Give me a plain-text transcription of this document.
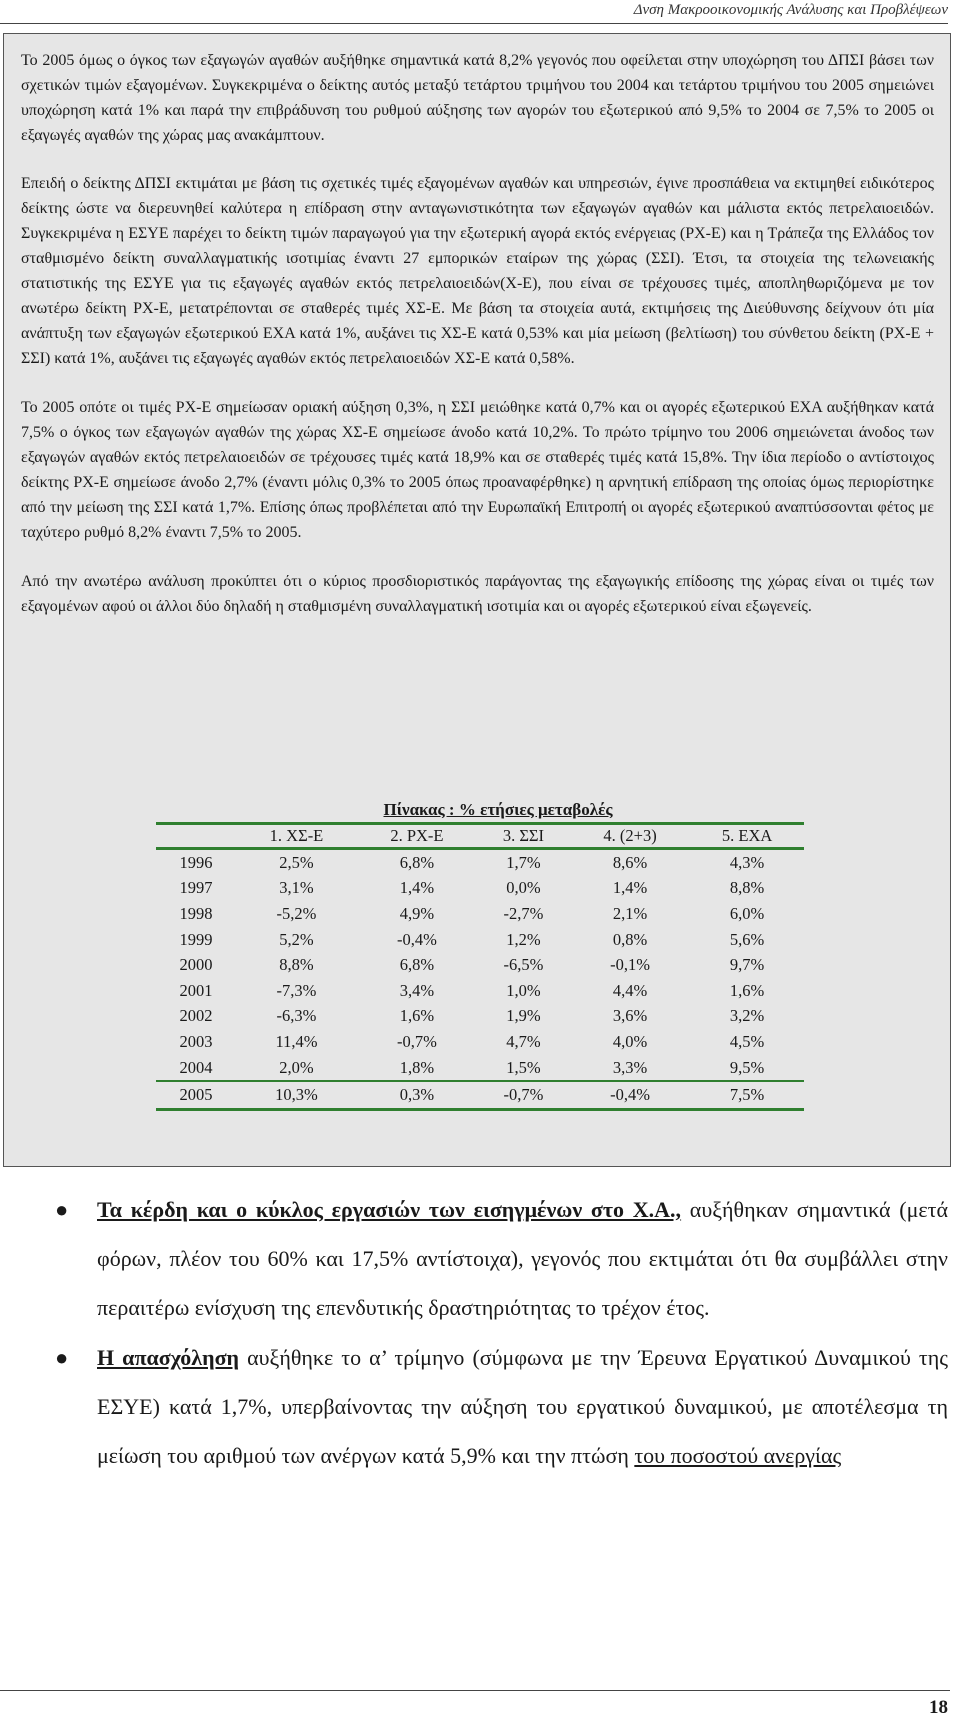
Δνση Μακροοικονομικής Ανάλυσης και Προβλέψεων

Το 2005 όμως ο όγκος των εξαγωγών αγαθών αυξήθηκε σημαντικά κατά 8,2% γεγονός που οφείλεται στην υποχώρηση του ΔΠΣΙ βάσει των σχετικών τιμών εξαγομένων. Συγκεκριμένα ο δείκτης αυτός μεταξύ τετάρτου τριμήνου του 2004 και τετάρτου τριμήνου του 2005 σημειώνει υποχώρηση κατά 1% και παρά την επιβράδυνση του ρυθμού αύξησης των αγορών του εξωτερικού από 9,5% το 2004 σε 7,5% το 2005 οι εξαγωγές αγαθών της χώρας μας ανακάμπτουν.

Επειδή ο δείκτης ΔΠΣΙ εκτιμάται με βάση τις σχετικές τιμές εξαγομένων αγαθών και υπηρεσιών, έγινε προσπάθεια να εκτιμηθεί ειδικότερος δείκτης ώστε να διερευνηθεί καλύτερα η επίδραση στην ανταγωνιστικότητα των εξαγωγών αγαθών και μάλιστα εκτός πετρελαιοειδών. Συγκεκριμένα η ΕΣΥΕ παρέχει το δείκτη τιμών παραγωγού για την εξωτερική αγορά εκτός ενέργειας (ΡΧ-Ε) και η Τράπεζα της Ελλάδος τον σταθμισμένο δείκτη συναλλαγματικής ισοτιμίας έναντι 27 εμπορικών εταίρων της χώρας (ΣΣΙ). Έτσι, τα στοιχεία της τελωνειακής στατιστικής της ΕΣΥΕ για τις εξαγωγές αγαθών εκτός πετρελαιοειδών(Χ-Ε), που είναι σε τρέχουσες τιμές, αποπληθωριζόμενα με τον ανωτέρω δείκτη ΡΧ-Ε, μετατρέπονται σε σταθερές τιμές ΧΣ-Ε. Με βάση τα στοιχεία αυτά, εκτιμήσεις της Διεύθυνσης δείχνουν ότι μία ανάπτυξη των εξαγωγών εξωτερικού ΕΧΑ κατά 1%, αυξάνει τις ΧΣ-Ε κατά 0,53% και μία μείωση (βελτίωση) του σύνθετου δείκτη (ΡΧ-Ε + ΣΣΙ) κατά 1%, αυξάνει τις εξαγωγές αγαθών εκτός πετρελαιοειδών ΧΣ-Ε κατά 0,58%.

Το 2005 οπότε οι τιμές ΡΧ-Ε σημείωσαν οριακή αύξηση 0,3%, η ΣΣΙ μειώθηκε κατά 0,7% και οι αγορές εξωτερικού ΕΧΑ αυξήθηκαν κατά 7,5% ο όγκος των εξαγωγών αγαθών της χώρας ΧΣ-Ε σημείωσε άνοδο κατά 10,2%. Το πρώτο τρίμηνο του 2006 σημειώνεται άνοδος των εξαγωγών αγαθών εκτός πετρελαιοειδών σε τρέχουσες τιμές κατά 18,9% και σε σταθερές τιμές κατά 15,8%. Την ίδια περίοδο ο αντίστοιχος δείκτης ΡΧ-Ε σημείωσε άνοδο 2,7% (έναντι μόλις 0,3% το 2005 όπως προαναφέρθηκε) η αρνητική επίδραση της οποίας όμως περιορίστηκε από την μείωση της ΣΣΙ κατά 1,7%. Επίσης όπως προβλέπεται από την Ευρωπαϊκή Επιτροπή οι αγορές εξωτερικού αναπτύσσονται φέτος με ταχύτερο ρυθμό 8,2% έναντι 7,5% το 2005.

Από την ανωτέρω ανάλυση προκύπτει ότι ο κύριος προσδιοριστικός παράγοντας της εξαγωγικής επίδοσης της χώρας είναι οι τιμές των εξαγομένων αφού οι άλλοι δύο δηλαδή η σταθμισμένη συναλλαγματική ισοτιμία και οι αγορές εξωτερικού είναι εξωγενείς.

Πίνακας : % ετήσιες μεταβολές
	1. ΧΣ-Ε	2. ΡΧ-Ε	3. ΣΣΙ	4. (2+3)	5. ΕΧΑ
1996	2,5%	6,8%	1,7%	8,6%	4,3%
1997	3,1%	1,4%	0,0%	1,4%	8,8%
1998	-5,2%	4,9%	-2,7%	2,1%	6,0%
1999	5,2%	-0,4%	1,2%	0,8%	5,6%
2000	8,8%	6,8%	-6,5%	-0,1%	9,7%
2001	-7,3%	3,4%	1,0%	4,4%	1,6%
2002	-6,3%	1,6%	1,9%	3,6%	3,2%
2003	11,4%	-0,7%	4,7%	4,0%	4,5%
2004	2,0%	1,8%	1,5%	3,3%	9,5%
2005	10,3%	0,3%	-0,7%	-0,4%	7,5%
● Τα κέρδη και ο κύκλος εργασιών των εισηγμένων στο Χ.Α., αυξήθηκαν σημαντικά (μετά φόρων, πλέον του 60% και 17,5% αντίστοιχα), γεγονός που εκτιμάται ότι θα συμβάλλει στην περαιτέρω ενίσχυση της επενδυτικής δραστηριότητας το τρέχον έτος.
● Η απασχόληση αυξήθηκε το α’ τρίμηνο (σύμφωνα με την Έρευνα Εργατικού Δυναμικού της ΕΣΥΕ) κατά 1,7%, υπερβαίνοντας την αύξηση του εργατικού δυναμικού, με αποτέλεσμα τη μείωση του αριθμού των ανέργων κατά 5,9% και την πτώση του ποσοστού ανεργίας
18
